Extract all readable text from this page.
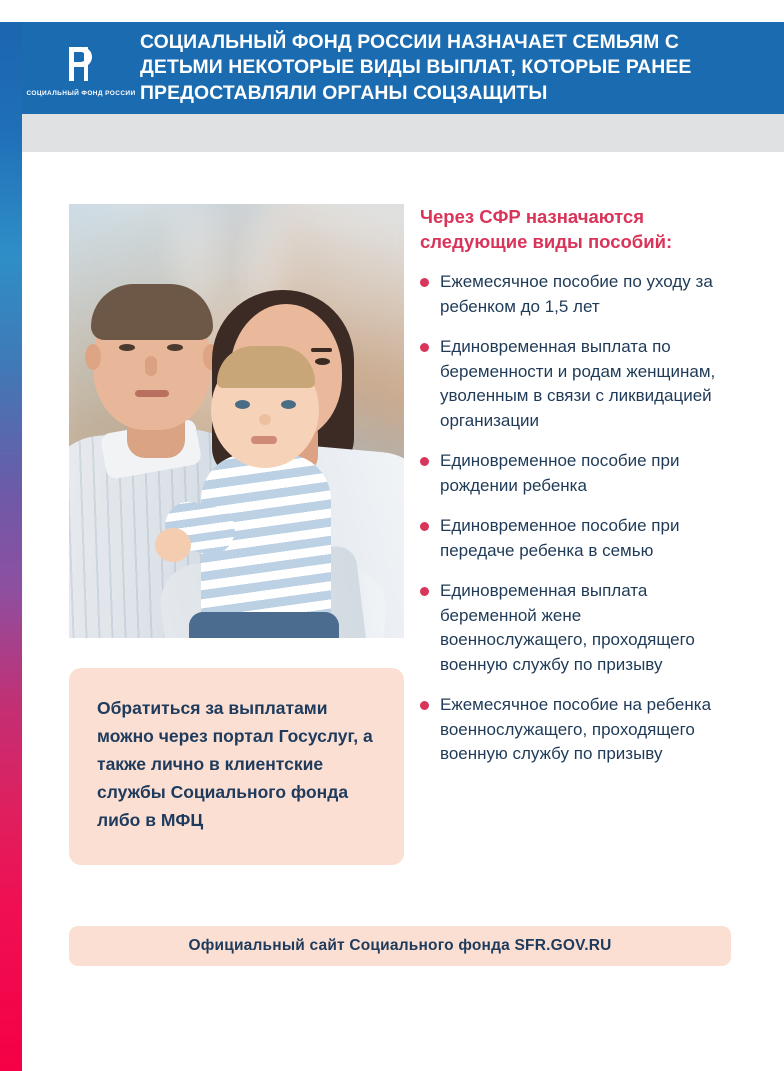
СОЦИАЛЬНЫЙ ФОНД РОССИИ
СОЦИАЛЬНЫЙ ФОНД РОССИИ НАЗНАЧАЕТ СЕМЬЯМ С ДЕТЬМИ НЕКОТОРЫЕ ВИДЫ ВЫПЛАТ, КОТОРЫЕ РАНЕЕ ПРЕДОСТАВЛЯЛИ ОРГАНЫ СОЦЗАЩИТЫ

Обратиться за выплатами можно через портал Госуслуг, а также лично в клиентские службы Социального фонда либо в МФЦ

Через СФР назначаются следующие виды пособий:
Ежемесячное пособие по уходу за ребенком до 1,5 лет
Единовременная выплата по беременности и родам женщинам, уволенным в связи с ликвидацией организации
Единовременное пособие при рождении ребенка
Единовременное пособие при передаче ребенка в семью
Единовременная выплата беременной жене военнослужащего, проходящего военную службу по призыву
Ежемесячное пособие на ребенка военнослужащего, проходящего военную службу по призыву
Официальный сайт Социального фонда SFR.GOV.RU
